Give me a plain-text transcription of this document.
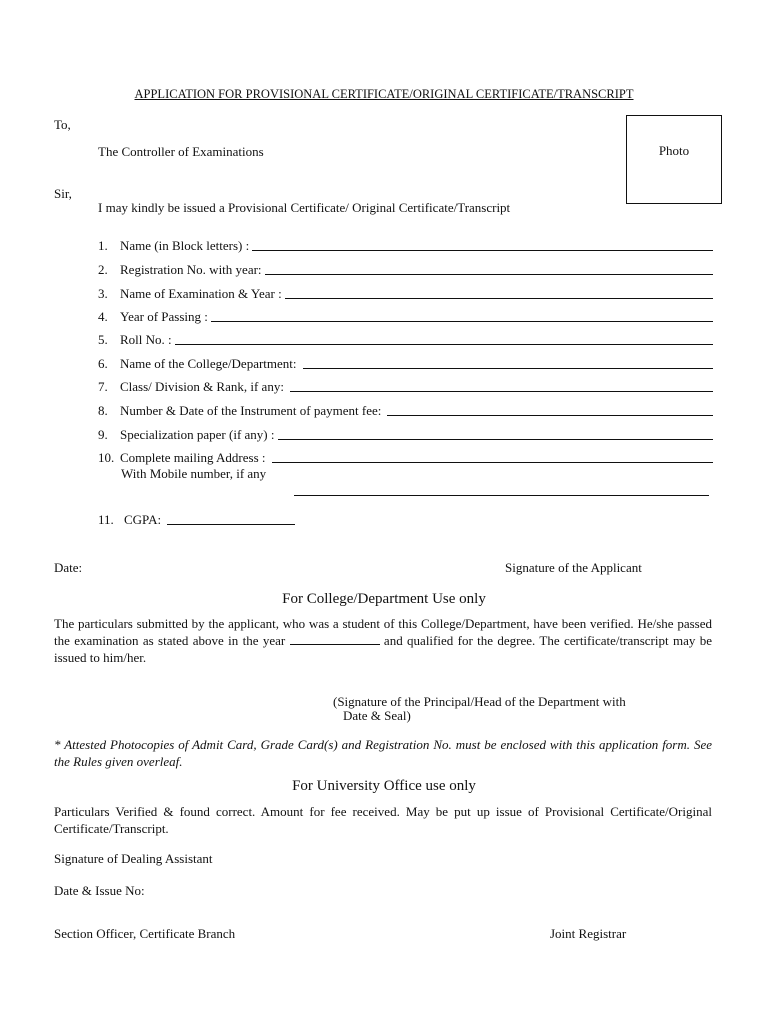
APPLICATION FOR PROVISIONAL CERTIFICATE/ORIGINAL CERTIFICATE/TRANSCRIPT
To,
The Controller of Examinations	Photo
Sir,
I may kindly be issued a Provisional Certificate/ Original Certificate/Transcript
1. Name (in Block letters) :
2. Registration No. with year:
3. Name of Examination & Year :
4. Year of Passing :
5. Roll No. :
6. Name of the College/Department:
7. Class/ Division & Rank, if any:
8. Number & Date of the Instrument of payment fee:
9. Specialization paper (if any) :
10. Complete mailing Address :
With Mobile number, if any
11. CGPA:
Date:	Signature of the Applicant
For College/Department Use only
The particulars submitted by the applicant, who was a student of this College/Department, have been verified. He/she passed the examination as stated above in the year	and qualified for the degree. The certificate/transcript may be issued to him/her.
(Signature of the Principal/Head of the Department with
Date & Seal)
* Attested Photocopies of Admit Card, Grade Card(s) and Registration No. must be enclosed with this application form. See the Rules given overleaf.
For University Office use only
Particulars Verified & found correct. Amount for fee received. May be put up issue of Provisional Certificate/Original Certificate/Transcript.
Signature of Dealing Assistant
Date & Issue No:
Section Officer, Certificate Branch	Joint Registrar
